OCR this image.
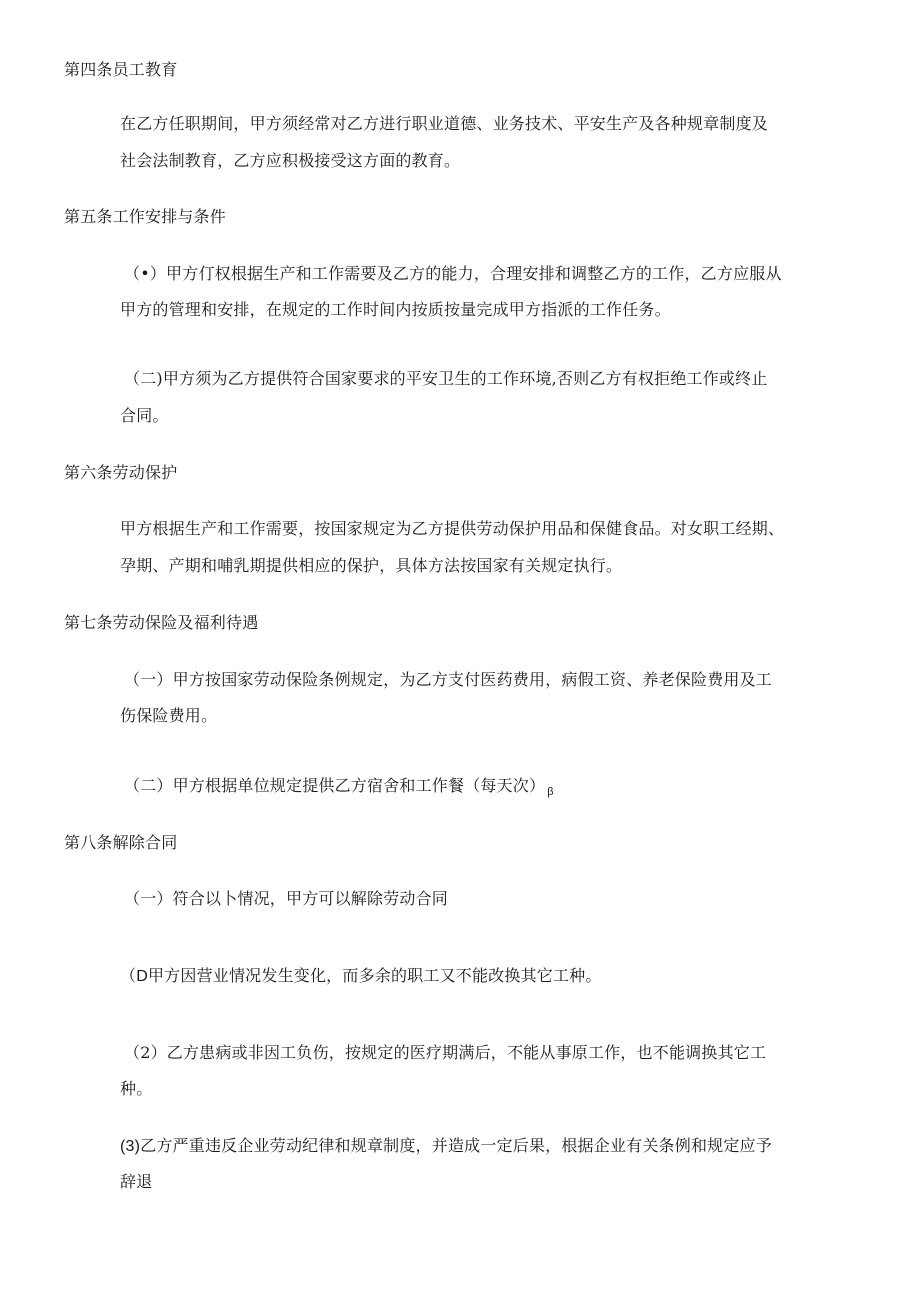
第四条员工教育
在乙方任职期间，甲方须经常对乙方进行职业道德、业务技术、平安生产及各种规章制度及
社会法制教育，乙方应积极接受这方面的教育。
第五条工作安排与条件
（•）甲方仃权根据生产和工作需要及乙方的能力，合理安排和调整乙方的工作，乙方应服从
甲方的管理和安排，在规定的工作时间内按质按量完成甲方指派的工作任务。
（二)甲方须为乙方提供符合国家要求的平安卫生的工作环境,否则乙方有权拒绝工作或终止
合同。
第六条劳动保护
甲方根据生产和工作需要，按国家规定为乙方提供劳动保护用品和保健食品。对女职工经期、
孕期、产期和哺乳期提供相应的保护，具体方法按国家有关规定执行。
第七条劳动保险及福利待遇
（一）甲方按国家劳动保险条例规定，为乙方支付医药费用，病假工资、养老保险费用及工
伤保险费用。
（二）甲方根据单位规定提供乙方宿舍和工作餐（每天次） $_\beta$
第八条解除合同
（一）符合以卜情况，甲方可以解除劳动合同
（D甲方因营业情况发生变化，而多余的职工又不能改换其它工种。
（2）乙方患病或非因工负伤，按规定的医疗期满后，不能从事原工作，也不能调换其它工
种。
(3)乙方严重违反企业劳动纪律和规章制度，并造成一定后果，根据企业有关条例和规定应予
辞退
